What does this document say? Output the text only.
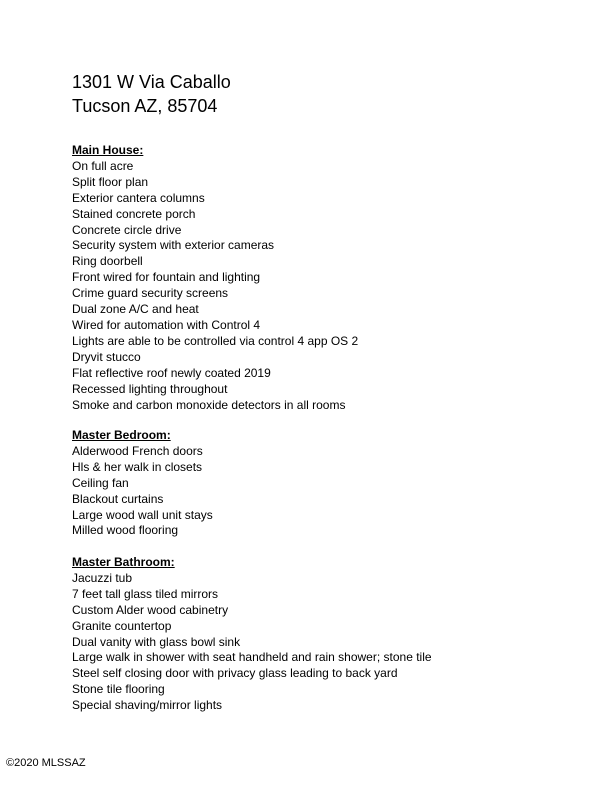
1301 W Via Caballo
Tucson AZ, 85704
Main House:
On full acre
Split floor plan
Exterior cantera columns
Stained concrete porch
Concrete circle drive
Security system with exterior cameras
Ring doorbell
Front wired for fountain and lighting
Crime guard security screens
Dual zone A/C and heat
Wired for automation with Control 4
Lights are able to be controlled via control 4 app OS 2
Dryvit stucco
Flat reflective roof newly coated 2019
Recessed lighting throughout
Smoke and carbon monoxide detectors in all rooms
Master Bedroom:
Alderwood French doors
Hls & her walk in closets
Ceiling fan
Blackout curtains
Large wood wall unit stays
Milled wood flooring
Master Bathroom:
Jacuzzi tub
7 feet tall glass tiled mirrors
Custom Alder wood cabinetry
Granite countertop
Dual vanity with glass bowl sink
Large walk in shower with seat handheld and rain shower; stone tile
Steel self closing door with privacy glass leading to back yard
Stone tile flooring
Special shaving/mirror lights
©2020 MLSSAZ
